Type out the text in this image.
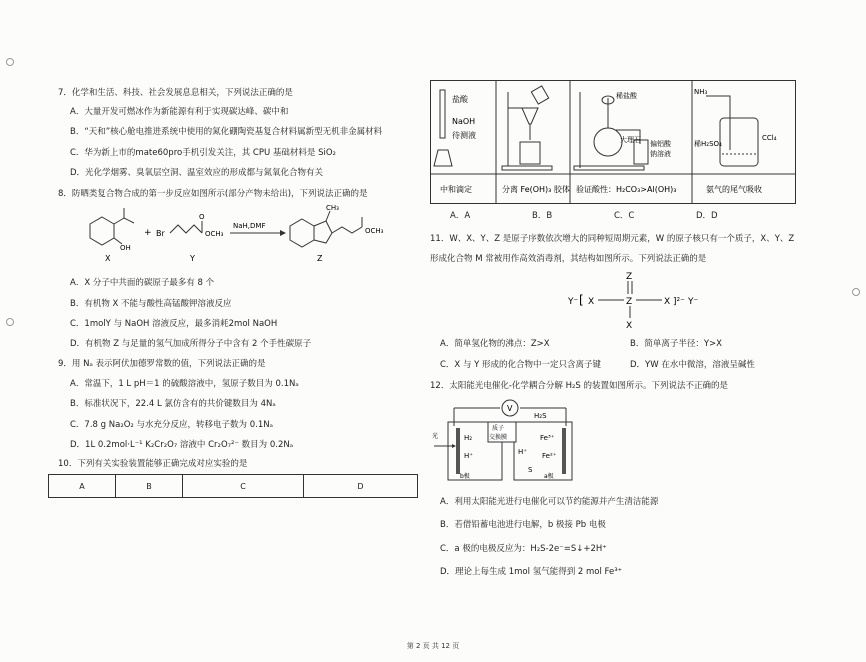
7．化学和生活、科技、社会发展息息相关，下列说法正确的是
A．大量开发可燃冰作为新能源有利于实现碳达峰、碳中和
B．“天和”核心舱电推进系统中使用的氮化硼陶瓷基复合材料属新型无机非金属材料
C．华为新上市的mate60pro手机引发关注，其 CPU 基础材料是 SiO₂
D．光化学烟雾、臭氧层空洞、温室效应的形成都与氮氧化合物有关
8．防晒类复合物合成的第一步反应如图所示(部分产物未给出)，下列说法正确的是
OH
X
+ Br
O
OCH₃
Y
NaH,DMF
CH₃
OCH₃
Z
A．X 分子中共面的碳原子最多有 8 个
B．有机物 X 不能与酸性高锰酸钾溶液反应
C．1molY 与 NaOH 溶液反应，最多消耗2mol NaOH
D．有机物 Z 与足量的氢气加成所得分子中含有 2 个手性碳原子
9．用 Nₐ 表示阿伏加德罗常数的值，下列说法正确的是
A．常温下，1 L pH＝1 的硫酸溶液中，氢原子数目为 0.1Nₐ
B．标准状况下，22.4 L 氯仿含有的共价键数目为 4Nₐ
C．7.8 g Na₂O₂ 与水充分反应，转移电子数为 0.1Nₐ
D．1L 0.2mol·L⁻¹ K₂Cr₂O₇ 溶液中 Cr₂O₇²⁻ 数目为 0.2Nₐ
10．下列有关实验装置能够正确完成对应实验的是
A	B	C	D
盐酸
NaOH
待测液
稀盐酸
大理石 偏铝酸
钠溶液
NH₃
稀H₂SO₄
CCl₄
中和滴定	分离 Fe(OH)₃ 胶体 验证酸性：H₂CO₃>Al(OH)₃	氨气的尾气吸收
A．A	B．B	C．C	D．D
11．W、X、Y、Z 是原子序数依次增大的同种短周期元素，W 的原子核只有一个质子，X、Y、Z
形成化合物 M 常被用作高效消毒剂，其结构如图所示。下列说法正确的是
Y⁻ [ X	Z	X ]²⁻ Y⁻
Z
X
A．简单氢化物的沸点：Z>X	B．简单离子半径：Y>X
C．X 与 Y 形成的化合物中一定只含离子键	D．YW 在水中微溶，溶液呈碱性
12．太阳能光电催化-化学耦合分解 H₂S 的装置如图所示。下列说法不正确的是
V
质子
交换膜
H₂
H⁺	H⁺
H₂S
Fe³⁺
Fe²⁺
S
b极	a极
光
A．利用太阳能光进行电催化可以节约能源并产生清洁能源
B．若借铅蓄电池进行电解，b 极接 Pb 电极
C．a 极的电极反应为：H₂S-2e⁻=S↓+2H⁺
D．理论上每生成 1mol 氢气能得到 2 mol Fe³⁺
第 2 页 共 12 页
